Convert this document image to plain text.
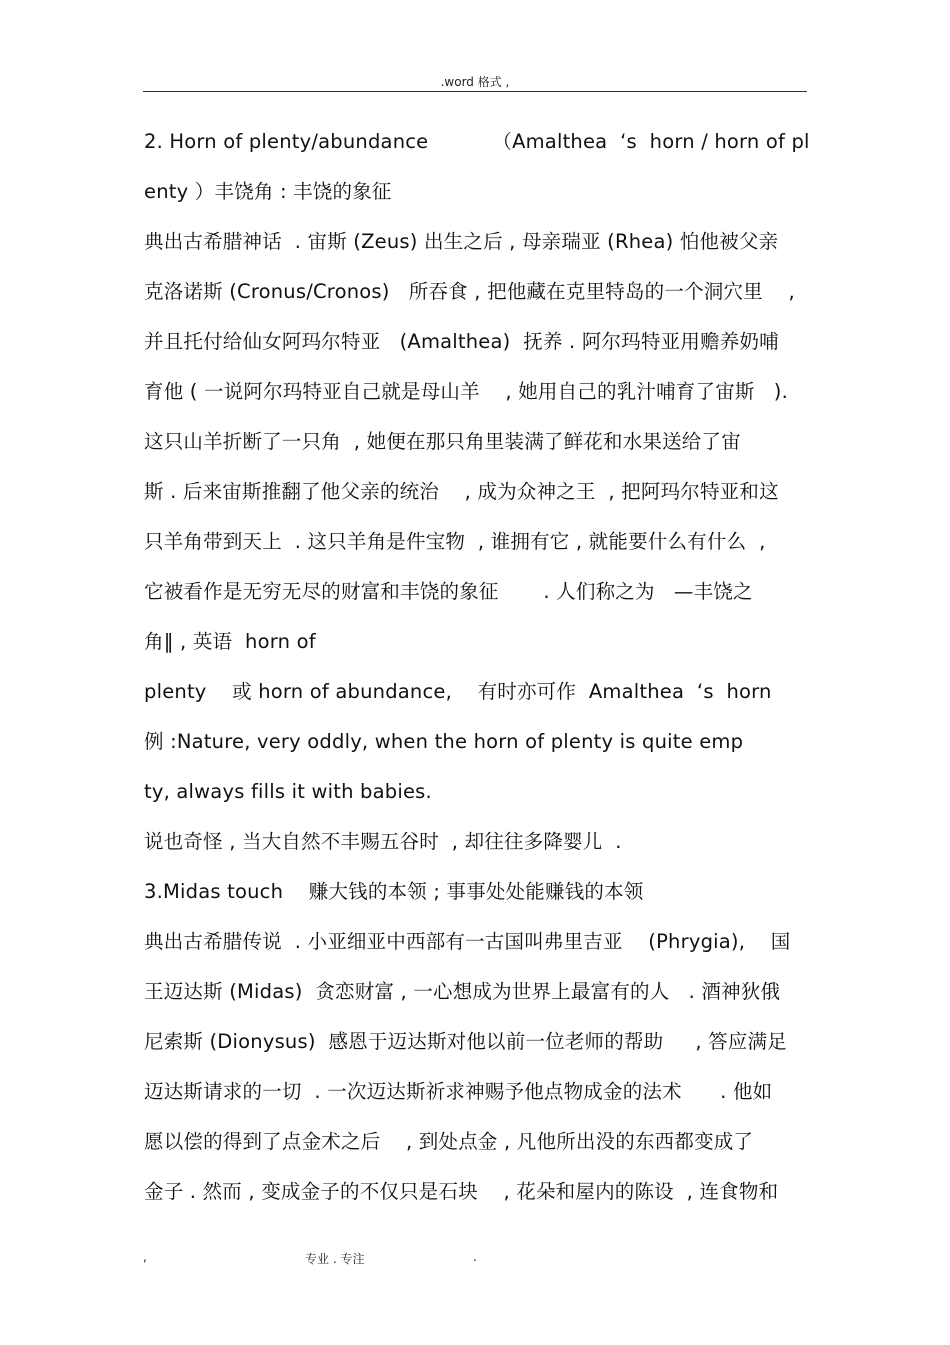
.word 格式 ,
2. Horn of plenty/abundance          （Amalthea  ‘s  horn / horn of pl
enty ）丰饶角 : 丰饶的象征
典出古希腊神话  . 宙斯 (Zeus) 出生之后 , 母亲瑞亚 (Rhea) 怕他被父亲
克洛诺斯 (Cronus/Cronos)   所吞食 , 把他藏在克里特岛的一个洞穴里    ,
并且托付给仙女阿玛尔特亚   (Amalthea)  抚养 . 阿尔玛特亚用赡养奶哺
育他 ( 一说阿尔玛特亚自己就是母山羊    , 她用自己的乳汁哺育了宙斯   ).
这只山羊折断了一只角  , 她便在那只角里装满了鲜花和水果送给了宙
斯 . 后来宙斯推翻了他父亲的统治    , 成为众神之王  , 把阿玛尔特亚和这
只羊角带到天上  . 这只羊角是件宝物  , 谁拥有它 , 就能要什么有什么  ,
它被看作是无穷无尽的财富和丰饶的象征       . 人们称之为   —丰饶之
角‖ , 英语  horn of
plenty    或 horn of abundance,    有时亦可作  Amalthea  ‘s  horn
例 :Nature, very oddly, when the horn of plenty is quite emp
ty, always fills it with babies.
说也奇怪 , 当大自然不丰赐五谷时  , 却往往多降婴儿  .
3.Midas touch    赚大钱的本领 ; 事事处处能赚钱的本领
典出古希腊传说  . 小亚细亚中西部有一古国叫弗里吉亚    (Phrygia),    国
王迈达斯 (Midas)  贪恋财富 , 一心想成为世界上最富有的人   . 酒神狄俄
尼索斯 (Dionysus)  感恩于迈达斯对他以前一位老师的帮助     , 答应满足
迈达斯请求的一切  . 一次迈达斯祈求神赐予他点物成金的法术      . 他如
愿以偿的得到了点金术之后    , 到处点金 , 凡他所出没的东西都变成了
金子 . 然而 , 变成金子的不仅只是石块    , 花朵和屋内的陈设  , 连食物和
,	专业 . 专注	.
